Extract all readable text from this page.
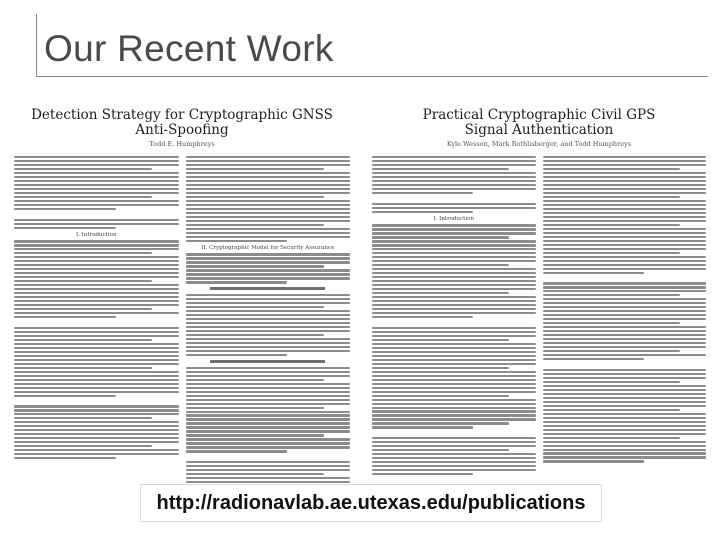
Our Recent Work
Detection Strategy for Cryptographic GNSS
Anti-Spoofing
Todd E. Humphreys
I. Introduction
II. Cryptographic Model for Security Assurance
Practical Cryptographic Civil GPS
Signal Authentication
Kyle Wesson, Mark Rothlisberger, and Todd Humphreys
I. Introduction
http://radionavlab.ae.utexas.edu/publications
